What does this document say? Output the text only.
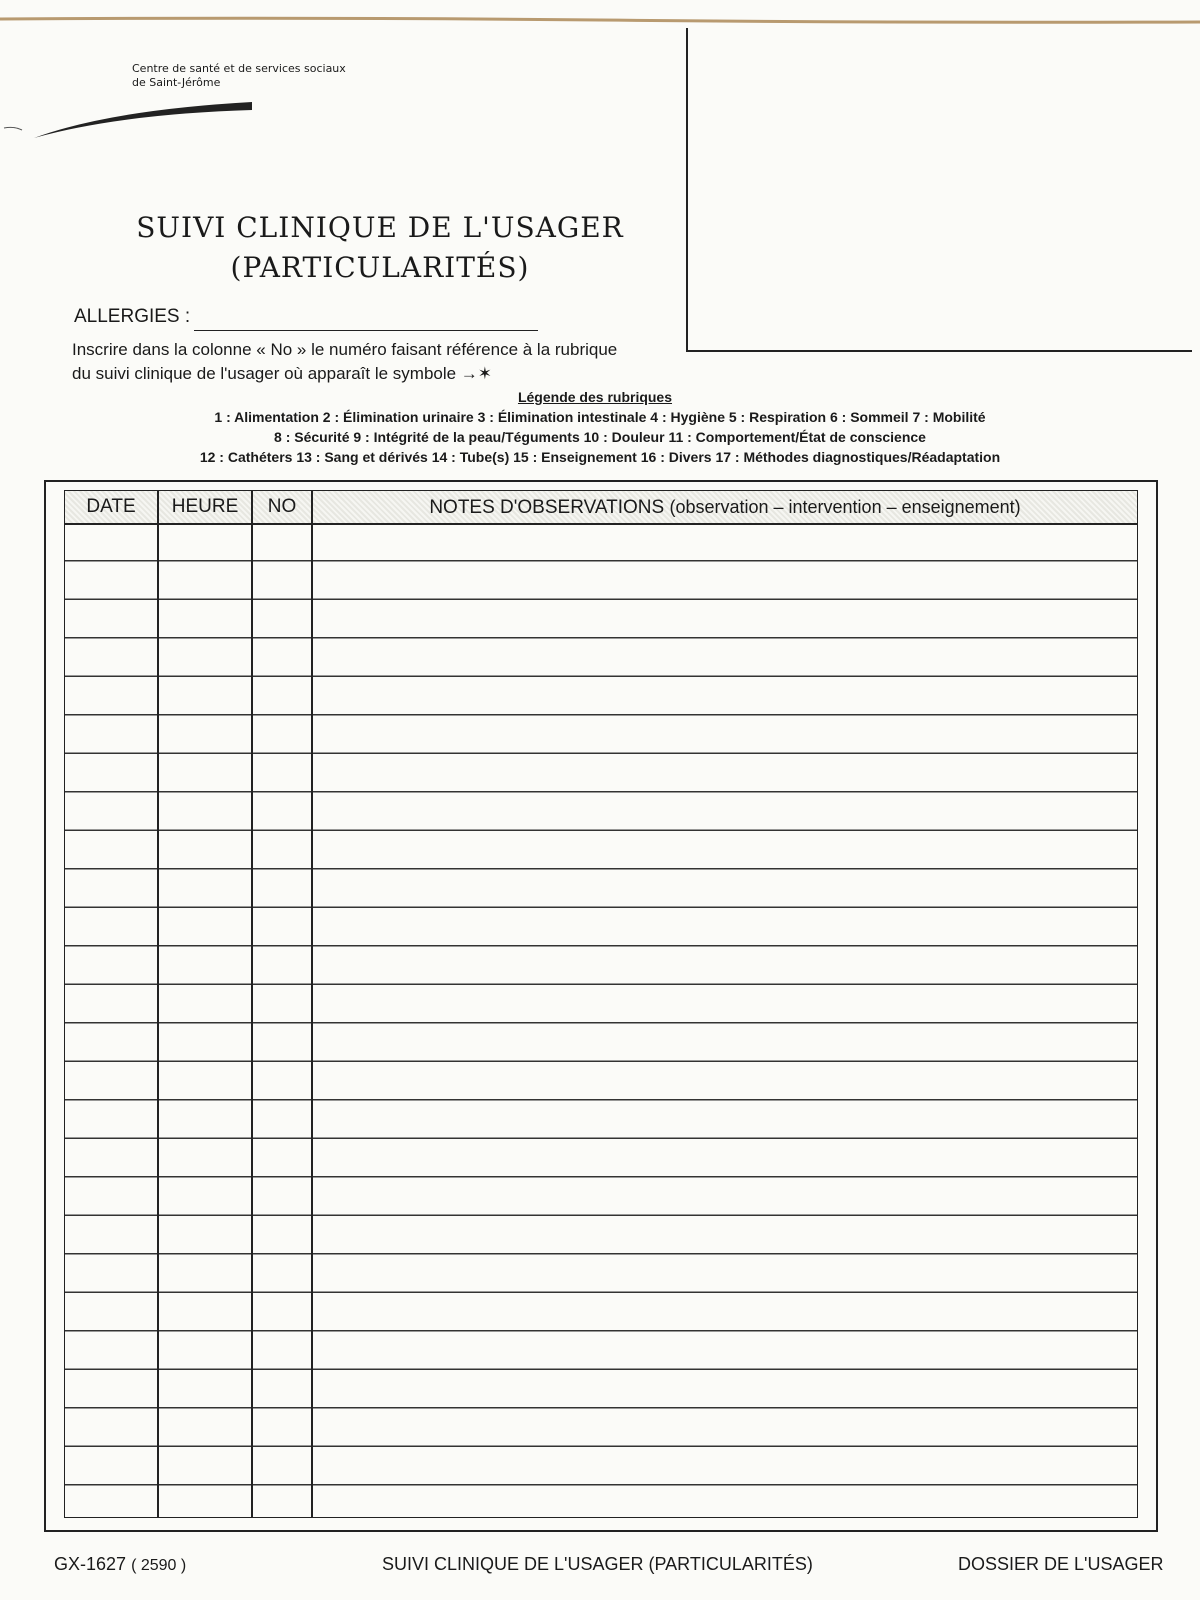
Centre de santé et de services sociaux
de Saint-Jérôme
SUIVI CLINIQUE DE L'USAGER
(PARTICULARITÉS)
ALLERGIES :
Inscrire dans la colonne « No » le numéro faisant référence à la rubrique
du suivi clinique de l'usager où apparaît le symbole →✶
Légende des rubriques
1 : Alimentation 2 : Élimination urinaire 3 : Élimination intestinale 4 : Hygiène 5 : Respiration 6 : Sommeil 7 : Mobilité
8 : Sécurité 9 : Intégrité de la peau/Téguments 10 : Douleur 11 : Comportement/État de conscience
12 : Cathéters 13 : Sang et dérivés 14 : Tube(s) 15 : Enseignement 16 : Divers 17 : Méthodes diagnostiques/Réadaptation
DATE	HEURE	NO	NOTES D'OBSERVATIONS (observation – intervention – enseignement)
GX-1627 ( 2590 )	SUIVI CLINIQUE DE L'USAGER (PARTICULARITÉS)	DOSSIER DE L'USAGER
